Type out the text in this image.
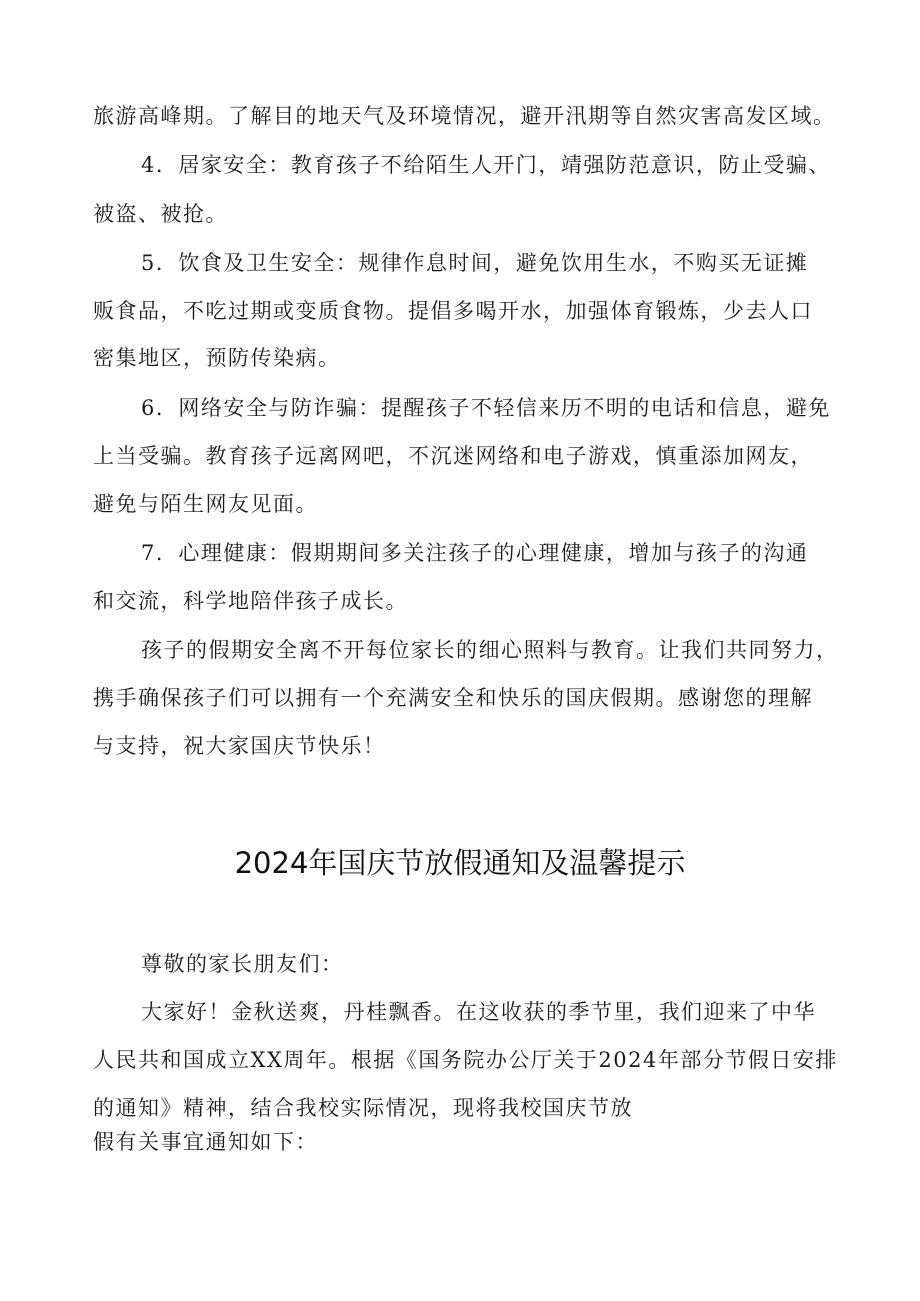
旅游高峰期。了解目的地天气及环境情况，避开汛期等自然灾害高发区域。
4．居家安全：教育孩子不给陌生人开门，靖强防范意识，防止受骗、
被盗、被抢。
5．饮食及卫生安全：规律作息时间，避免饮用生水，不购买无证摊
贩食品，不吃过期或变质食物。提倡多喝开水，加强体育锻炼，少去人口
密集地区，预防传染病。
6．网络安全与防诈骗：提醒孩子不轻信来历不明的电话和信息，避免
上当受骗。教育孩子远离网吧，不沉迷网络和电子游戏，慎重添加网友，
避免与陌生网友见面。
7．心理健康：假期期间多关注孩子的心理健康，增加与孩子的沟通
和交流，科学地陪伴孩子成长。
孩子的假期安全离不开每位家长的细心照料与教育。让我们共同努力，
携手确保孩子们可以拥有一个充满安全和快乐的国庆假期。感谢您的理解
与支持，祝大家国庆节快乐！
2024年国庆节放假通知及温馨提示
尊敬的家长朋友们：
大家好！金秋送爽，丹桂飘香。在这收获的季节里，我们迎来了中华
人民共和国成立XX周年。根据《国务院办公厅关于2024年部分节假日安排
的通知》精神，结合我校实际情况，现将我校国庆节放
假有关事宜通知如下：
